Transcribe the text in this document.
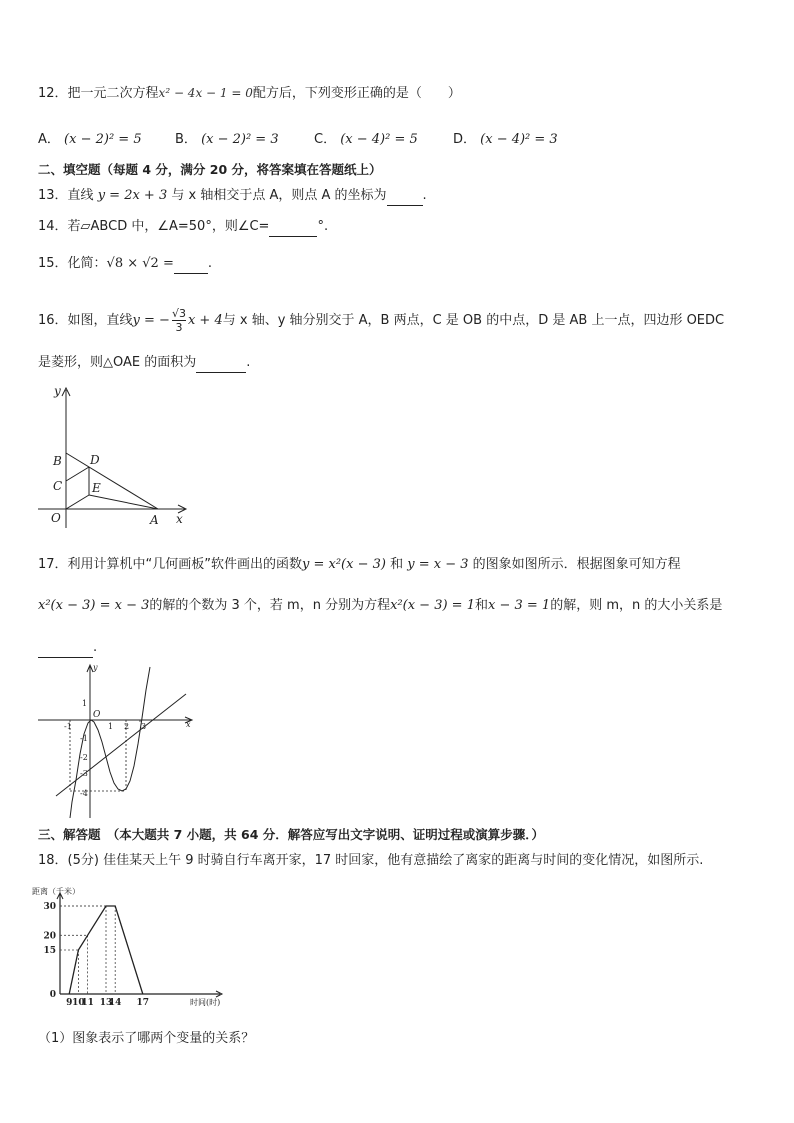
12．把一元二次方程x² − 4x − 1 = 0配方后，下列变形正确的是（　　）
A． (x − 2)² = 5	B． (x − 2)² = 3	C． (x − 4)² = 5	D． (x − 4)² = 3
二、填空题（每题 4 分，满分 20 分，将答案填在答题纸上）
13．直线 y = 2x + 3 与 x 轴相交于点 A，则点 A 的坐标为	.
14．若▱ABCD 中，∠A=50°，则∠C=	°.
15．化简：√8 × √2 =	.
16．如图，直线y = − $\frac{√3}{3}$ x + 4与 x 轴、y 轴分别交于 A，B 两点，C 是 OB 的中点，D 是 AB 上一点，四边形 OEDC
是菱形，则△OAE 的面积为	.
y
x
B D
C E
O	A
17．利用计算机中“几何画板”软件画出的函数y = x²(x − 3) 和 y = x − 3 的图象如图所示．根据图象可知方程
x²(x − 3) = x − 3的解的个数为 3 个，若 m，n 分别为方程x²(x − 3) = 1和x − 3 = 1的解，则 m，n 的大小关系是
.
y
x
O
1 2 3
-1
1
-1
-2
-3
-4
三、解答题　（本大题共 7 小题，共 64 分．解答应写出文字说明、证明过程或演算步骤．）
18．(5分) 佳佳某天上午 9 时骑自行车离开家，17 时回家，他有意描绘了离家的距离与时间的变化情况，如图所示.
0
15
20
30
9 10
11 13
14 17
距离（千米）
时间(时)
（1）图象表示了哪两个变量的关系？
